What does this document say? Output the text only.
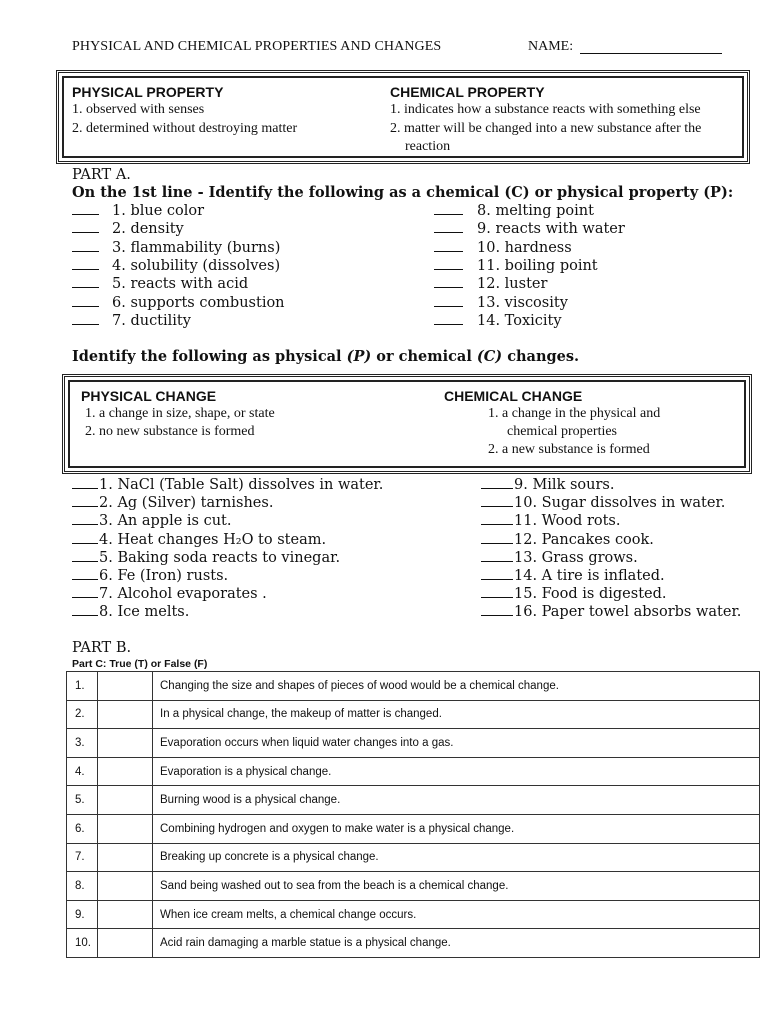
PHYSICAL AND CHEMICAL PROPERTIES AND CHANGES	NAME:
PHYSICAL PROPERTY
1. observed with senses
2. determined without destroying matter
CHEMICAL PROPERTY
1. indicates how a substance reacts with something else
2. matter will be changed into a new substance after the
reaction
PART A.
On the 1st line - Identify the following as a chemical (C) or physical property (P):
1. blue color
2. density
3. flammability (burns)
4. solubility (dissolves)
5. reacts with acid
6. supports combustion
7. ductility
8. melting point
9. reacts with water
10. hardness
11. boiling point
12. luster
13. viscosity
14. Toxicity
Identify the following as physical (P) or chemical (C) changes.
PHYSICAL CHANGE
1. a change in size, shape, or state
2. no new substance is formed
CHEMICAL CHANGE
1. a change in the physical and
chemical properties
2. a new substance is formed
1. NaCl (Table Salt) dissolves in water.
2. Ag (Silver) tarnishes.
3. An apple is cut.
4. Heat changes H₂O to steam.
5. Baking soda reacts to vinegar.
6. Fe (Iron) rusts.
7. Alcohol evaporates .
8. Ice melts.
9. Milk sours.
10. Sugar dissolves in water.
11. Wood rots.
12. Pancakes cook.
13. Grass grows.
14. A tire is inflated.
15. Food is digested.
16. Paper towel absorbs water.
PART B.
Part C: True (T) or False (F)
1.		Changing the size and shapes of pieces of wood would be a chemical change.
2.		In a physical change, the makeup of matter is changed.
3.		Evaporation occurs when liquid water changes into a gas.
4.		Evaporation is a physical change.
5.		Burning wood is a physical change.
6.		Combining hydrogen and oxygen to make water is a physical change.
7.		Breaking up concrete is a physical change.
8.		Sand being washed out to sea from the beach is a chemical change.
9.		When ice cream melts, a chemical change occurs.
10.		Acid rain damaging a marble statue is a physical change.
